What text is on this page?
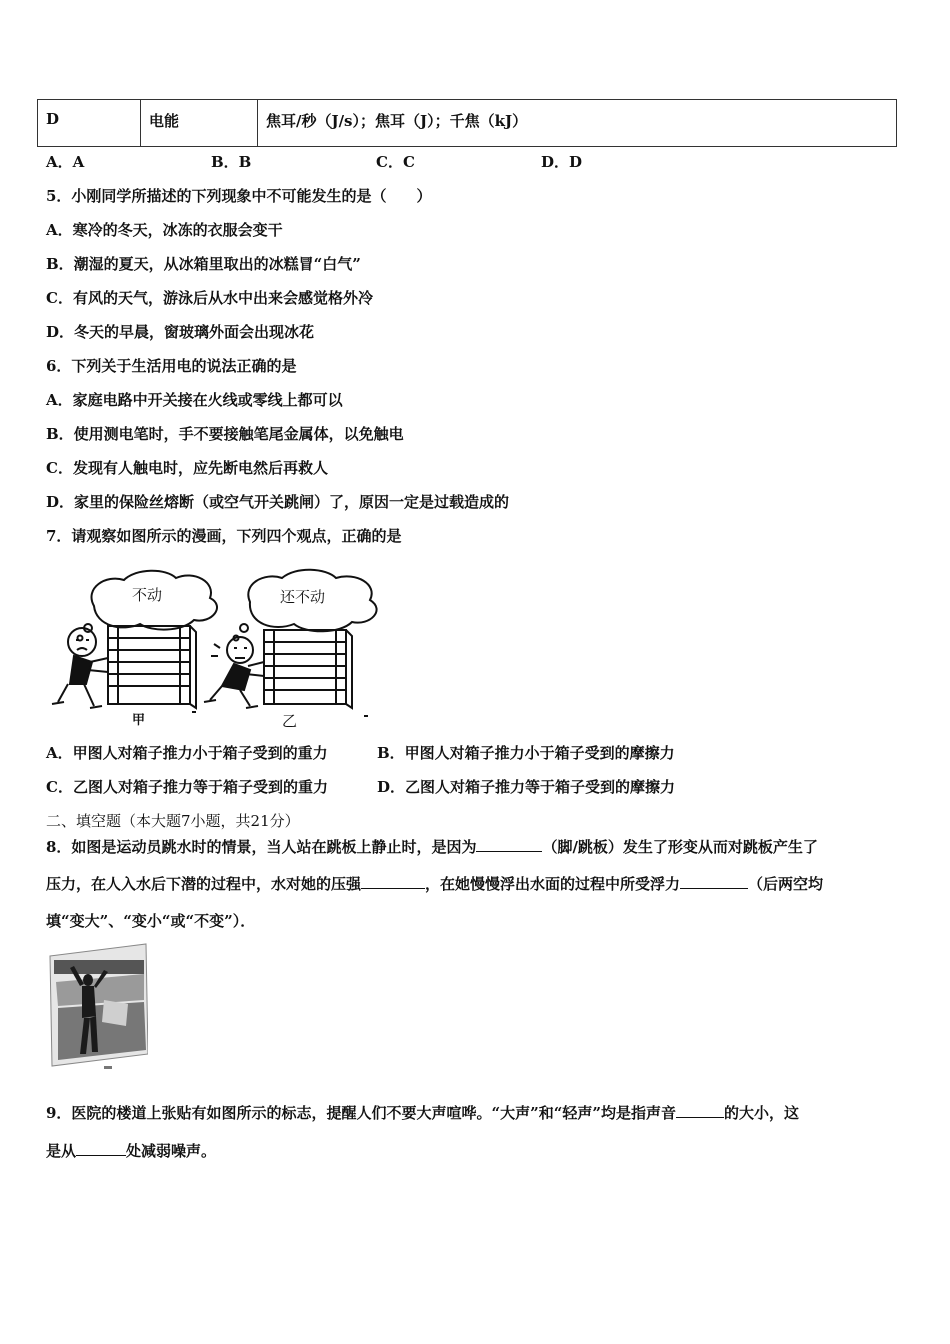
D	电能	焦耳/秒（J/s）；焦耳（J）；千焦（kJ）
A．A	B．B	C．C	D．D
5．小刚同学所描述的下列现象中不可能发生的是（　　）
A．寒冷的冬天，冰冻的衣服会变干
B．潮湿的夏天，从冰箱里取出的冰糕冒“白气”
C．有风的天气，游泳后从水中出来会感觉格外冷
D．冬天的早晨，窗玻璃外面会出现冰花
6．下列关于生活用电的说法正确的是
A．家庭电路中开关接在火线或零线上都可以
B．使用测电笔时，手不要接触笔尾金属体，以免触电
C．发现有人触电时，应先断电然后再救人
D．家里的保险丝熔断（或空气开关跳闸）了，原因一定是过载造成的
7．请观察如图所示的漫画，下列四个观点，正确的是
不动	还不动
甲	乙
A．甲图人对箱子推力小于箱子受到的重力	B．甲图人对箱子推力小于箱子受到的摩擦力
C．乙图人对箱子推力等于箱子受到的重力	D．乙图人对箱子推力等于箱子受到的摩擦力
二、填空题（本大题7小题，共21分）
8．如图是运动员跳水时的情景，当人站在跳板上静止时，是因为	（脚/跳板）发生了形变从而对跳板产生了
压力，在人入水后下潜的过程中，水对她的压强	，在她慢慢浮出水面的过程中所受浮力	（后两空均
填“变大”、“变小“或“不变”）．
9．医院的楼道上张贴有如图所示的标志，提醒人们不要大声喧哗。“大声”和“轻声”均是指声音	的大小，这
是从	处减弱噪声。
